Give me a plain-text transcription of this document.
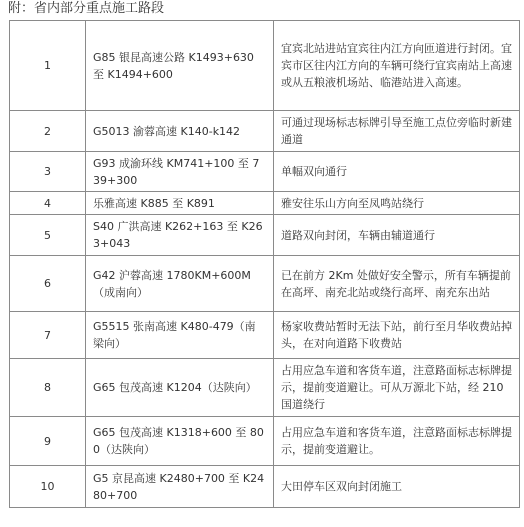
附：省内部分重点施工路段
1	G85 银昆高速公路 K1493+630 至 K1494+600	宜宾北站进站宜宾往内江方向匝道进行封闭。宜宾市区往内江方向的车辆可绕行宜宾南站上高速或从五粮液机场站、临港站进入高速。
2	G5013 渝蓉高速 K140-k142	可通过现场标志标牌引导至施工点位旁临时新建通道
3	G93 成渝环线 KM741+100 至 739+300	单幅双向通行
4	乐雅高速 K885 至 K891	雅安往乐山方向至凤鸣站绕行
5	S40 广洪高速 K262+163 至 K263+043	道路双向封闭，车辆由辅道通行
6	G42 沪蓉高速 1780KM+600M（成南向）	已在前方 2Km 处做好安全警示，所有车辆提前在高坪、南充北站或绕行高坪、南充东出站
7	G5515 张南高速 K480-479（南梁向）	杨家收费站暂时无法下站，前行至月华收费站掉头，在对向道路下收费站
8	G65 包茂高速 K1204（达陕向）	占用应急车道和客货车道，注意路面标志标牌提示，提前变道避让。可从万源北下站，经 210 国道绕行
9	G65 包茂高速 K1318+600 至 800（达陕向）	占用应急车道和客货车道，注意路面标志标牌提示，提前变道避让。
10	G5 京昆高速 K2480+700 至 K2480+700	大田停车区双向封闭施工
